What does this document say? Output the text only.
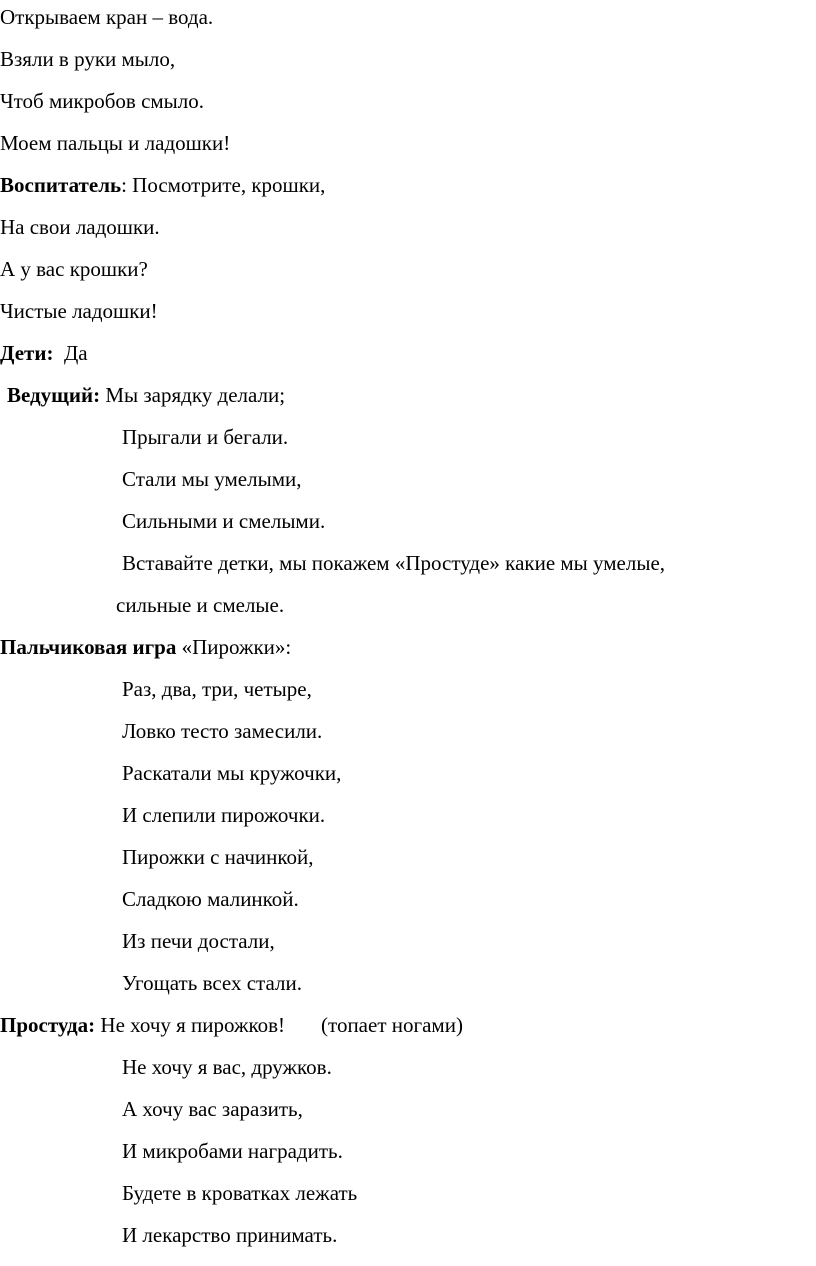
Открываем кран – вода.
Взяли в руки мыло,
Чтоб микробов смыло.
Моем пальцы и ладошки!
Воспитатель: Посмотрите, крошки,
На свои ладошки.
А у вас крошки?
Чистые ладошки!
Дети:  Да
Ведущий: Мы зарядку делали;
Прыгали и бегали.
Стали мы умелыми,
Сильными и смелыми.
Вставайте детки, мы покажем «Простуде» какие мы умелые,
сильные и смелые.
Пальчиковая игра «Пирожки»:
Раз, два, три, четыре,
Ловко тесто замесили.
Раскатали мы кружочки,
И слепили пирожочки.
Пирожки с начинкой,
Сладкою малинкой.
Из печи достали,
Угощать всех стали.
Простуда: Не хочу я пирожков! (топает ногами)
Не хочу я вас, дружков.
А хочу вас заразить,
И микробами наградить.
Будете в кроватках лежать
И лекарство принимать.
